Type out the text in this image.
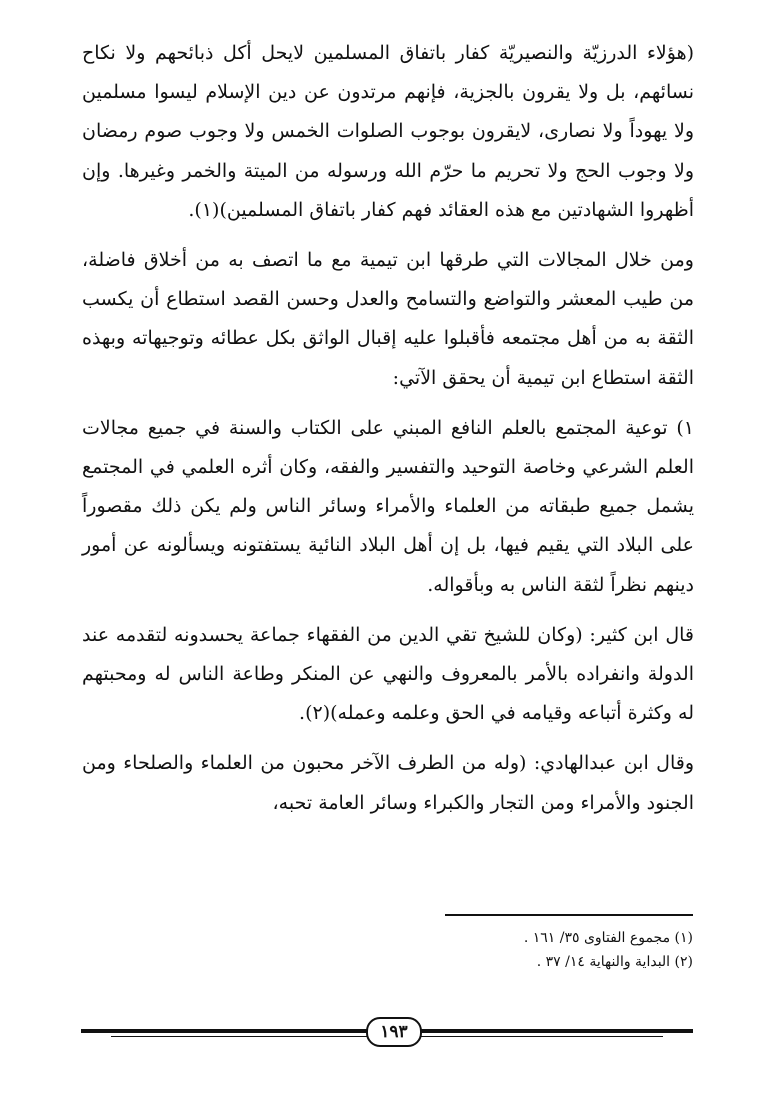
(هؤلاء الدرزيّة والنصيريّة كفار باتفاق المسلمين لايحل أكل ذبائحهم ولا نكاح نسائهم، بل ولا يقرون بالجزية، فإنهم مرتدون عن دين الإسلام ليسوا مسلمين ولا يهوداً ولا نصارى، لايقرون بوجوب الصلوات الخمس ولا وجوب صوم رمضان ولا وجوب الحج ولا تحريم ما حرّم الله ورسوله من الميتة والخمر وغيرها. وإن أظهروا الشهادتين مع هذه العقائد فهم كفار باتفاق المسلمين)(١).

ومن خلال المجالات التي طرقها ابن تيمية مع ما اتصف به من أخلاق فاضلة، من طيب المعشر والتواضع والتسامح والعدل وحسن القصد استطاع أن يكسب الثقة به من أهل مجتمعه فأقبلوا عليه إقبال الواثق بكل عطائه وتوجيهاته وبهذه الثقة استطاع ابن تيمية أن يحقق الآتي:

١) توعية المجتمع بالعلم النافع المبني على الكتاب والسنة في جميع مجالات العلم الشرعي وخاصة التوحيد والتفسير والفقه، وكان أثره العلمي في المجتمع يشمل جميع طبقاته من العلماء والأمراء وسائر الناس ولم يكن ذلك مقصوراً على البلاد التي يقيم فيها، بل إن أهل البلاد النائية يستفتونه ويسألونه عن أمور دينهم نظراً لثقة الناس به وبأقواله.

قال ابن كثير: (وكان للشيخ تقي الدين من الفقهاء جماعة يحسدونه لتقدمه عند الدولة وانفراده بالأمر بالمعروف والنهي عن المنكر وطاعة الناس له ومحبتهم له وكثرة أتباعه وقيامه في الحق وعلمه وعمله)(٢).

وقال ابن عبدالهادي: (وله من الطرف الآخر محبون من العلماء والصلحاء ومن الجنود والأمراء ومن التجار والكبراء وسائر العامة تحبه،

(١) مجموع الفتاوى ٣٥/ ١٦١ .
(٢) البداية والنهاية ١٤/ ٣٧ .
١٩٣
